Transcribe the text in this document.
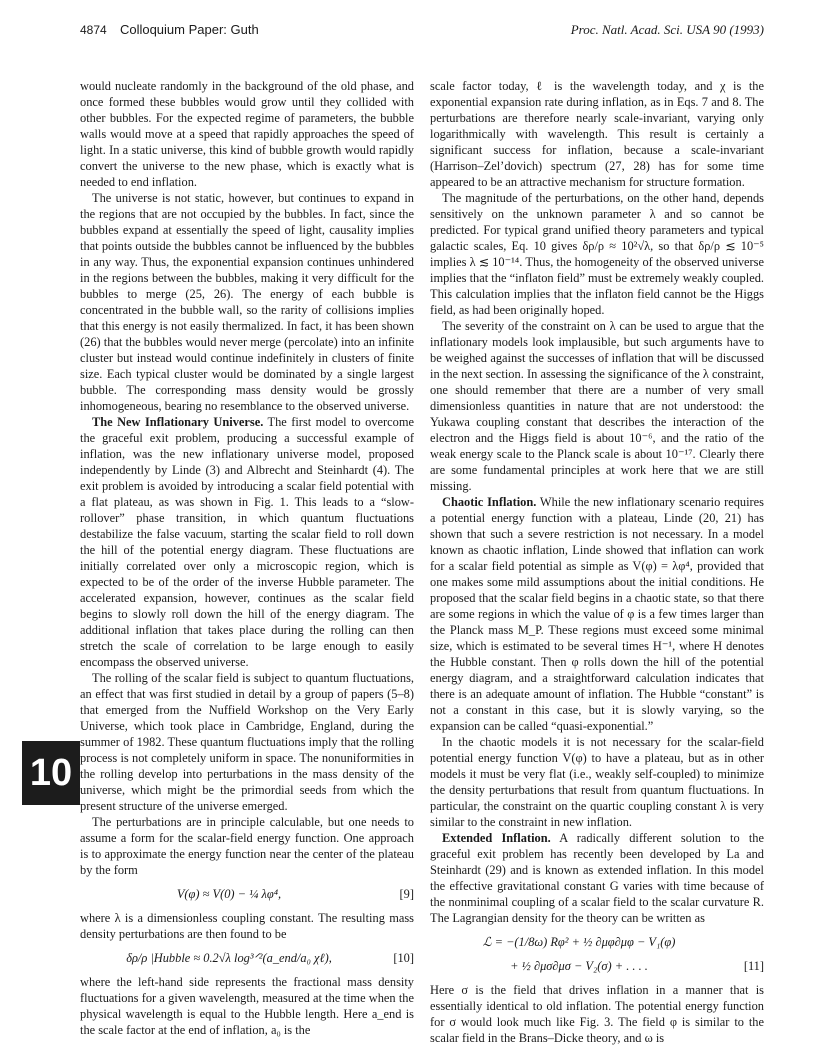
4874 Colloquium Paper: Guth	Proc. Natl. Acad. Sci. USA 90 (1993)
10

would nucleate randomly in the background of the old phase, and once formed these bubbles would grow until they collided with other bubbles. For the expected regime of parameters, the bubble walls would move at a speed that rapidly approaches the speed of light. In a static universe, this kind of bubble growth would rapidly convert the universe to the new phase, which is exactly what is needed to end inflation.

The universe is not static, however, but continues to expand in the regions that are not occupied by the bubbles. In fact, since the bubbles expand at essentially the speed of light, causality implies that points outside the bubbles cannot be influenced by the bubbles in any way. Thus, the exponential expansion continues unhindered in the regions between the bubbles, making it very difficult for the bubbles to merge (25, 26). The energy of each bubble is concentrated in the bubble wall, so the rarity of collisions implies that this energy is not easily thermalized. In fact, it has been shown (26) that the bubbles would never merge (percolate) into an infinite cluster but instead would continue indefinitely in clusters of finite size. Each typical cluster would be dominated by a single largest bubble. The corresponding mass density would be grossly inhomogeneous, bearing no resemblance to the observed universe.

The New Inflationary Universe. The first model to overcome the graceful exit problem, producing a successful example of inflation, was the new inflationary universe model, proposed independently by Linde (3) and Albrecht and Steinhardt (4). The exit problem is avoided by introducing a scalar field potential with a flat plateau, as was shown in Fig. 1. This leads to a “slow-rollover” phase transition, in which quantum fluctuations destabilize the false vacuum, starting the scalar field to roll down the hill of the potential energy diagram. These fluctuations are initially correlated over only a microscopic region, which is expected to be of the order of the inverse Hubble parameter. The accelerated expansion, however, continues as the scalar field begins to slowly roll down the hill of the energy diagram. The additional inflation that takes place during the rolling can then stretch the scale of correlation to be large enough to easily encompass the observed universe.

The rolling of the scalar field is subject to quantum fluctuations, an effect that was first studied in detail by a group of papers (5–8) that emerged from the Nuffield Workshop on the Very Early Universe, which took place in Cambridge, England, during the summer of 1982. These quantum fluctuations imply that the rolling process is not completely uniform in space. The nonuniformities in the rolling develop into perturbations in the mass density of the universe, which might be the primordial seeds from which the present structure of the universe emerged.

The perturbations are in principle calculable, but one needs to assume a form for the scalar-field energy function. One approach is to approximate the energy function near the center of the plateau by the form

V(φ) ≈ V(0) − ¼ λφ⁴,	[9]

where λ is a dimensionless coupling constant. The resulting mass density perturbations are then found to be

δρ/ρ |Hubble ≈ 0.2√λ log³ᐟ²(a_end/a₀ χℓ),	[10]

where the left-hand side represents the fractional mass density fluctuations for a given wavelength, measured at the time when the physical wavelength is equal to the Hubble length. Here a_end is the scale factor at the end of inflation, a₀ is the

scale factor today, ℓ is the wavelength today, and χ is the exponential expansion rate during inflation, as in Eqs. 7 and 8. The perturbations are therefore nearly scale-invariant, varying only logarithmically with wavelength. This result is certainly a significant success for inflation, because a scale-invariant (Harrison–Zel’dovich) spectrum (27, 28) has for some time appeared to be an attractive mechanism for structure formation.

The magnitude of the perturbations, on the other hand, depends sensitively on the unknown parameter λ and so cannot be predicted. For typical grand unified theory parameters and typical galactic scales, Eq. 10 gives δρ/ρ ≈ 10²√λ, so that δρ/ρ ≲ 10⁻⁵ implies λ ≲ 10⁻¹⁴. Thus, the homogeneity of the observed universe implies that the “inflaton field” must be extremely weakly coupled. This calculation implies that the inflaton field cannot be the Higgs field, as had been originally hoped.

The severity of the constraint on λ can be used to argue that the inflationary models look implausible, but such arguments have to be weighed against the successes of inflation that will be discussed in the next section. In assessing the significance of the λ constraint, one should remember that there are a number of very small dimensionless quantities in nature that are not understood: the Yukawa coupling constant that describes the interaction of the electron and the Higgs field is about 10⁻⁶, and the ratio of the weak energy scale to the Planck scale is about 10⁻¹⁷. Clearly there are some fundamental principles at work here that we are still missing.

Chaotic Inflation. While the new inflationary scenario requires a potential energy function with a plateau, Linde (20, 21) has shown that such a severe restriction is not necessary. In a model known as chaotic inflation, Linde showed that inflation can work for a scalar field potential as simple as V(φ) = λφ⁴, provided that one makes some mild assumptions about the initial conditions. He proposed that the scalar field begins in a chaotic state, so that there are some regions in which the value of φ is a few times larger than the Planck mass M_P. These regions must exceed some minimal size, which is estimated to be several times H⁻¹, where H denotes the Hubble constant. Then φ rolls down the hill of the potential energy diagram, and a straightforward calculation indicates that there is an adequate amount of inflation. The Hubble “constant” is not a constant in this case, but it is slowly varying, so the expansion can be called “quasi-exponential.”

In the chaotic models it is not necessary for the scalar-field potential energy function V(φ) to have a plateau, but as in other models it must be very flat (i.e., weakly self-coupled) to minimize the density perturbations that result from quantum fluctuations. In particular, the constraint on the quartic coupling constant λ is very similar to the constraint in new inflation.

Extended Inflation. A radically different solution to the graceful exit problem has recently been developed by La and Steinhardt (29) and is known as extended inflation. In this model the effective gravitational constant G varies with time because of the nonminimal coupling of a scalar field to the scalar curvature R. The Lagrangian density for the theory can be written as

ℒ = −(1/8ω) Rφ² + ½ ∂μφ∂μφ − V₁(φ)
+ ½ ∂μσ∂μσ − V₂(σ) + . . . .	[11]

Here σ is the field that drives inflation in a manner that is essentially identical to old inflation. The potential energy function for σ would look much like Fig. 3. The field φ is similar to the scalar field in the Brans–Dicke theory, and ω is
